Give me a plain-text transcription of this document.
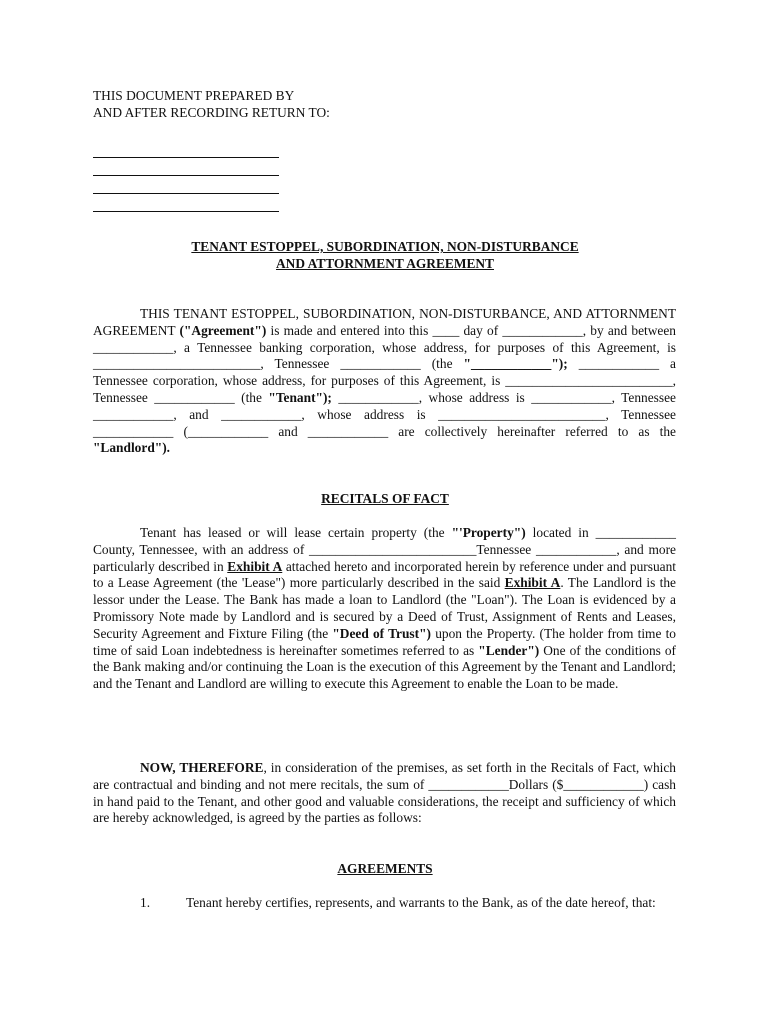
THIS DOCUMENT PREPARED BY
AND AFTER RECORDING RETURN TO:
TENANT ESTOPPEL, SUBORDINATION, NON-DISTURBANCE
AND ATTORNMENT AGREEMENT

THIS TENANT ESTOPPEL, SUBORDINATION, NON-DISTURBANCE, AND ATTORNMENT AGREEMENT ("Agreement") is made and entered into this ____ day of ____________, by and between ____________, a Tennessee banking corporation, whose address, for purposes of this Agreement, is _________________________, Tennessee ____________ (the "____________"); ____________ a Tennessee corporation, whose address, for purposes of this Agreement, is _________________________, Tennessee ____________ (the "Tenant"); ____________, whose address is ____________, Tennessee ____________, and ____________, whose address is _________________________, Tennessee ____________ (____________ and ____________ are collectively hereinafter referred to as the "Landlord").

RECITALS OF FACT

Tenant has leased or will lease certain property (the "'Property") located in ____________ County, Tennessee, with an address of _________________________Tennessee ____________, and more particularly described in Exhibit A attached hereto and incorporated herein by reference under and pursuant to a Lease Agreement (the 'Lease") more particularly described in the said Exhibit A. The Landlord is the lessor under the Lease. The Bank has made a loan to Landlord (the "Loan"). The Loan is evidenced by a Promissory Note made by Landlord and is secured by a Deed of Trust, Assignment of Rents and Leases, Security Agreement and Fixture Filing (the "Deed of Trust") upon the Property. (The holder from time to time of said Loan indebtedness is hereinafter sometimes referred to as "Lender") One of the conditions of the Bank making and/or continuing the Loan is the execution of this Agreement by the Tenant and Landlord; and the Tenant and Landlord are willing to execute this Agreement to enable the Loan to be made.

NOW, THEREFORE, in consideration of the premises, as set forth in the Recitals of Fact, which are contractual and binding and not mere recitals, the sum of ____________Dollars ($____________) cash in hand paid to the Tenant, and other good and valuable considerations, the receipt and sufficiency of which are hereby acknowledged, is agreed by the parties as follows:

AGREEMENTS

1.	Tenant hereby certifies, represents, and warrants to the Bank, as of the date hereof, that:
